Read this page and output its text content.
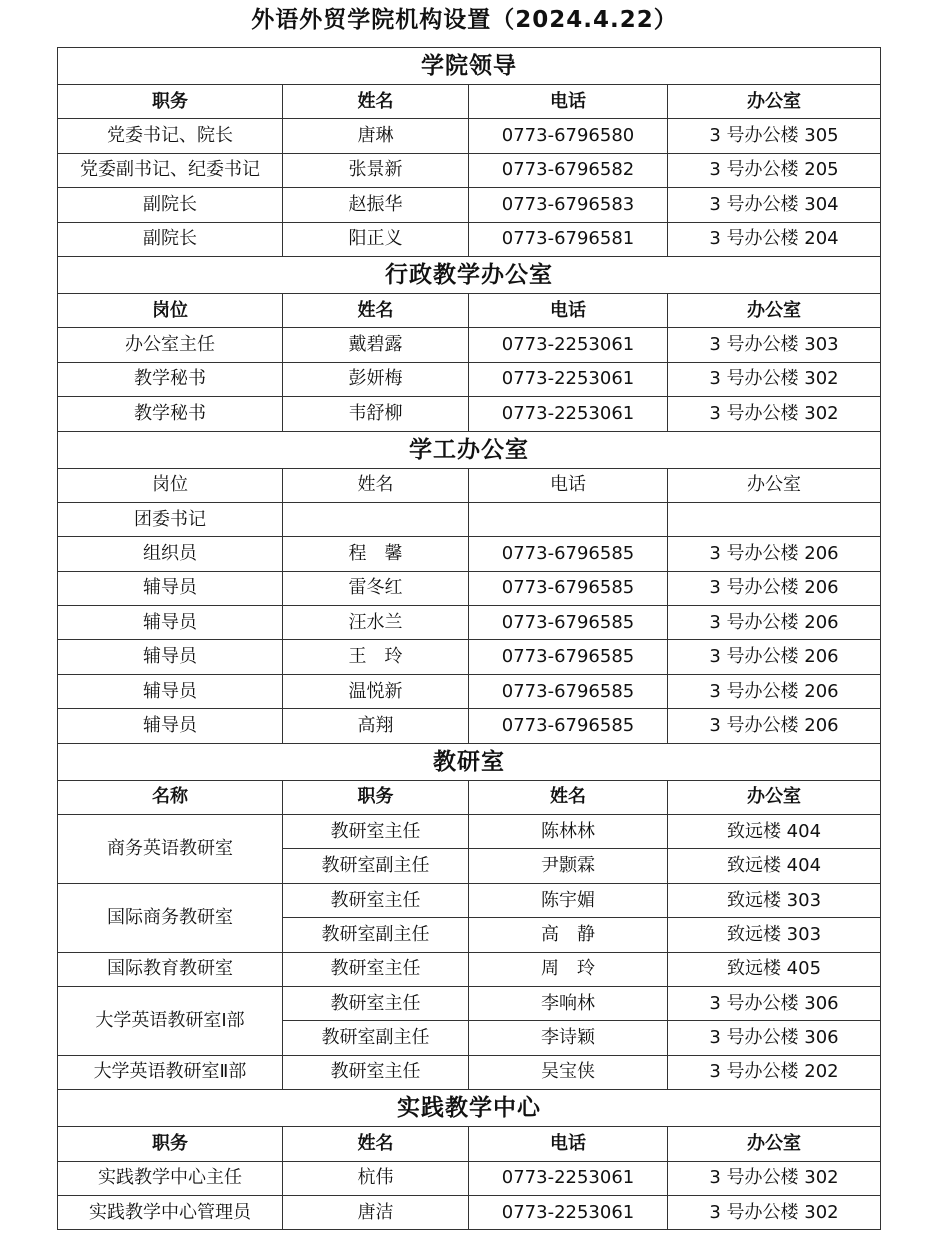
外语外贸学院机构设置（2024.4.22）
学院领导			
职务	姓名	电话	办公室
党委书记、院长	唐琳	0773-6796580	3 号办公楼 305
党委副书记、纪委书记	张景新	0773-6796582	3 号办公楼 205
副院长	赵振华	0773-6796583	3 号办公楼 304
副院长	阳正义	0773-6796581	3 号办公楼 204
行政教学办公室			
岗位	姓名	电话	办公室
办公室主任	戴碧露	0773-2253061	3 号办公楼 303
教学秘书	彭妍梅	0773-2253061	3 号办公楼 302
教学秘书	韦舒柳	0773-2253061	3 号办公楼 302
学工办公室			
岗位	姓名	电话	办公室
团委书记			
组织员	程　馨	0773-6796585	3 号办公楼 206
辅导员	雷冬红	0773-6796585	3 号办公楼 206
辅导员	汪水兰	0773-6796585	3 号办公楼 206
辅导员	王　玲	0773-6796585	3 号办公楼 206
辅导员	温悦新	0773-6796585	3 号办公楼 206
辅导员	高翔	0773-6796585	3 号办公楼 206
教研室			
名称	职务	姓名	办公室
商务英语教研室	教研室主任	陈林林	致远楼 404
	教研室副主任	尹颢霖	致远楼 404
国际商务教研室	教研室主任	陈宇媚	致远楼 303
	教研室副主任	高　静	致远楼 303
国际教育教研室	教研室主任	周　玲	致远楼 405
大学英语教研室Ⅰ部	教研室主任	李响林	3 号办公楼 306
	教研室副主任	李诗颖	3 号办公楼 306
大学英语教研室Ⅱ部	教研室主任	吴宝侠	3 号办公楼 202
实践教学中心			
职务	姓名	电话	办公室
实践教学中心主任	杭伟	0773-2253061	3 号办公楼 302
实践教学中心管理员	唐洁	0773-2253061	3 号办公楼 302
